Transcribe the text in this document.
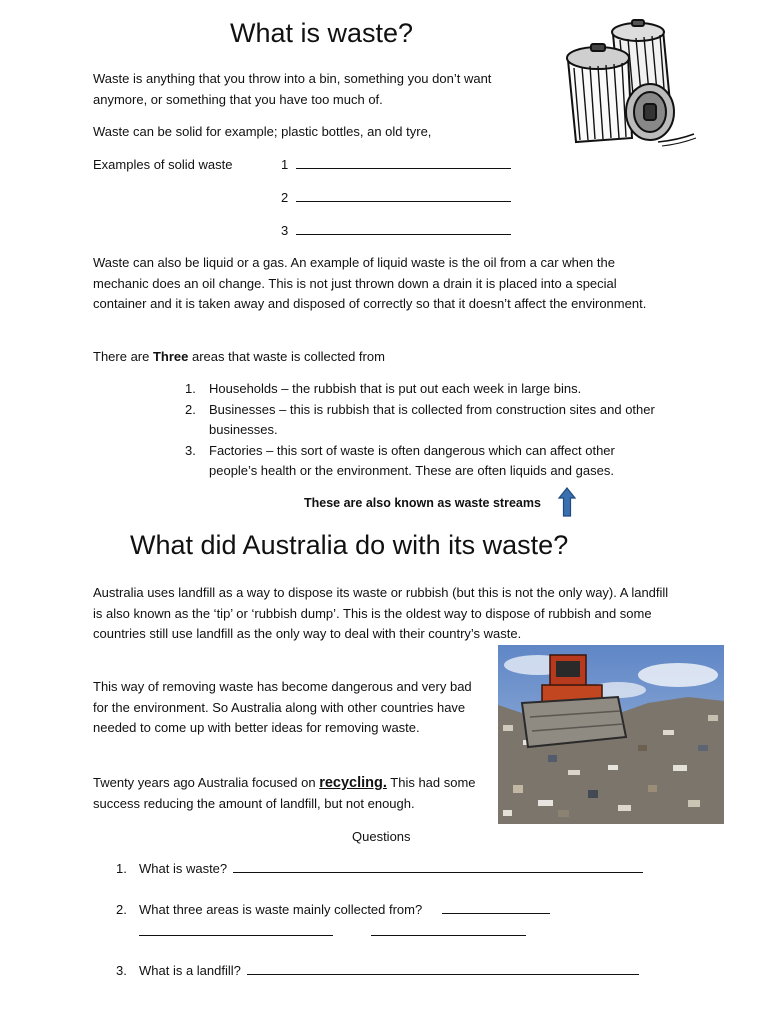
What is waste?
Waste is anything that you throw into a bin, something you don’t want anymore, or something that you have too much of.
Waste can be solid for example; plastic bottles, an old tyre,
Examples of solid waste	1
2
3
Waste can also be liquid or a gas. An example of liquid waste is the oil from a car when the mechanic does an oil change. This is not just thrown down a drain it is placed into a special container and it is taken away and disposed of correctly so that it doesn’t affect the environment.
There are Three areas that waste is collected from
1. Households – the rubbish that is put out each week in large bins.
2. Businesses – this is rubbish that is collected from construction sites and other businesses.
3. Factories – this sort of waste is often dangerous which can affect other people’s health or the environment. These are often liquids and gases.
These are also known as waste streams
What did Australia do with its waste?
Australia uses landfill as a way to dispose its waste or rubbish (but this is not the only way). A landfill is also known as the ‘tip’ or ‘rubbish dump’. This is the oldest way to dispose of rubbish and some countries still use landfill as the only way to deal with their country’s waste.
This way of removing waste has become dangerous and very bad for the environment. So Australia along with other countries have needed to come up with better ideas for removing waste.
Twenty years ago Australia focused on recycling. This had some success reducing the amount of landfill, but not enough.
Questions
1. What is waste?
2. What three areas is waste mainly collected from?
3. What is a landfill?
